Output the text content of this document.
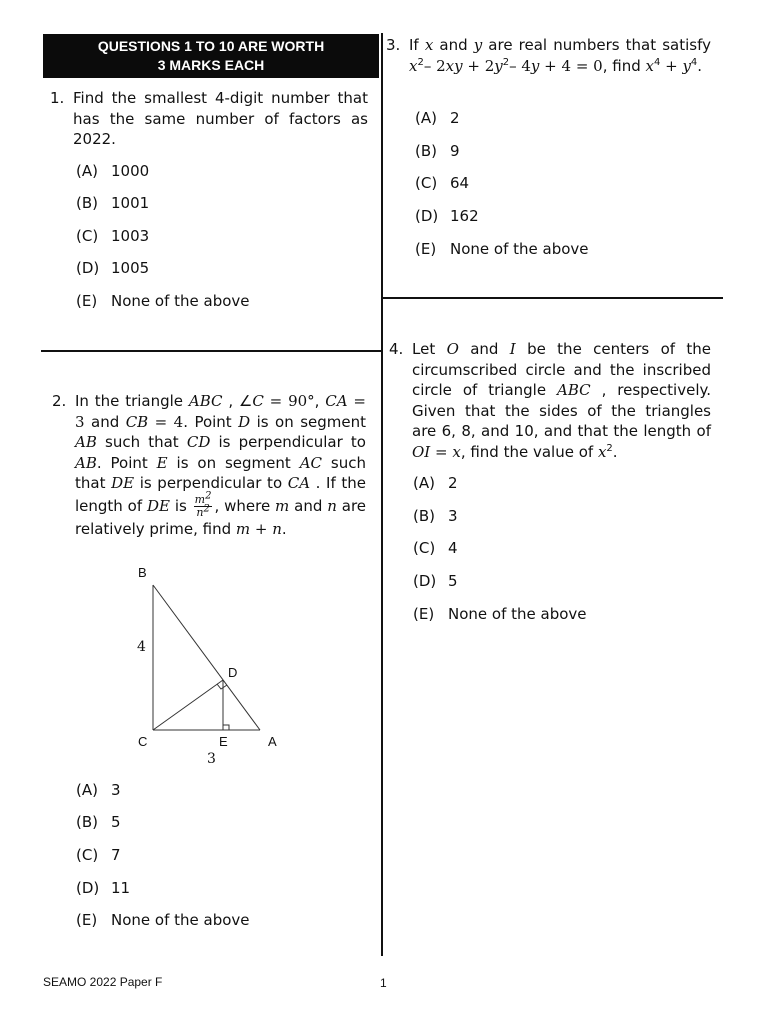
QUESTIONS 1 TO 10 ARE WORTH
3 MARKS EACH
1. Find the smallest 4-digit number that has the same number of factors as 2022.
(A) 1000
(B) 1001
(C) 1003
(D) 1005
(E) None of the above
2. In the triangle ABC , ∠C = 90°, CA = 3 and CB = 4. Point D is on segment AB such that CD is perpendicular to AB. Point E is on segment AC such that DE is perpendicular to CA . If the length of DE is $\frac{m^2}{n^2}$ , where m and n are relatively prime, find m + n.
B
C
D
E	A
4
3
(A) 3
(B) 5
(C) 7
(D) 11
(E) None of the above
3. If x and y are real numbers that satisfy $x^2-$ $2xy + 2y^2-$ 4y + 4 = 0, find $x^4 + y^4$.
(A) 2
(B) 9
(C) 64
(D) 162
(E) None of the above
4. Let O and I be the centers of the circumscribed circle and the inscribed circle of triangle ABC , respectively. Given that the sides of the triangles are 6, 8, and 10, and that the length of OI = x, find the value of $x^2$.
(A) 2
(B) 3
(C) 4
(D) 5
(E) None of the above
SEAMO 2022 Paper F	1
